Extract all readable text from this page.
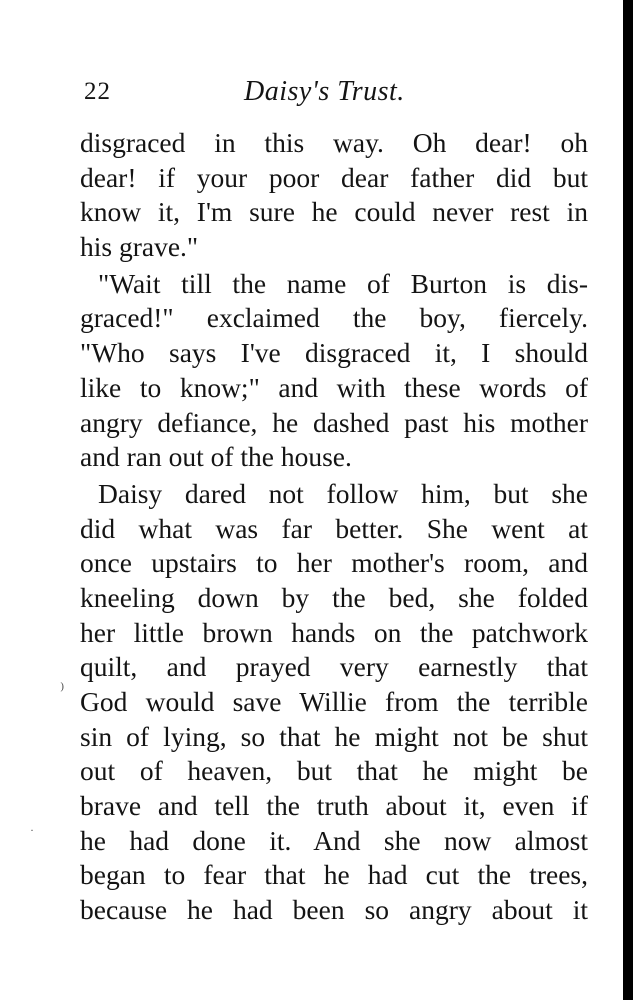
22	Daisy's Trust.
⁾
·
disgraced in this way. Oh dear! oh
dear! if your poor dear father did but
know it, I'm sure he could never rest in
his grave."
"Wait till the name of Burton is dis-
graced!" exclaimed the boy, fiercely.
"Who says I've disgraced it, I should
like to know;" and with these words of
angry defiance, he dashed past his mother
and ran out of the house.
Daisy dared not follow him, but she
did what was far better. She went at
once upstairs to her mother's room, and
kneeling down by the bed, she folded
her little brown hands on the patchwork
quilt, and prayed very earnestly that
God would save Willie from the terrible
sin of lying, so that he might not be shut
out of heaven, but that he might be
brave and tell the truth about it, even if
he had done it. And she now almost
began to fear that he had cut the trees,
because he had been so angry about it
